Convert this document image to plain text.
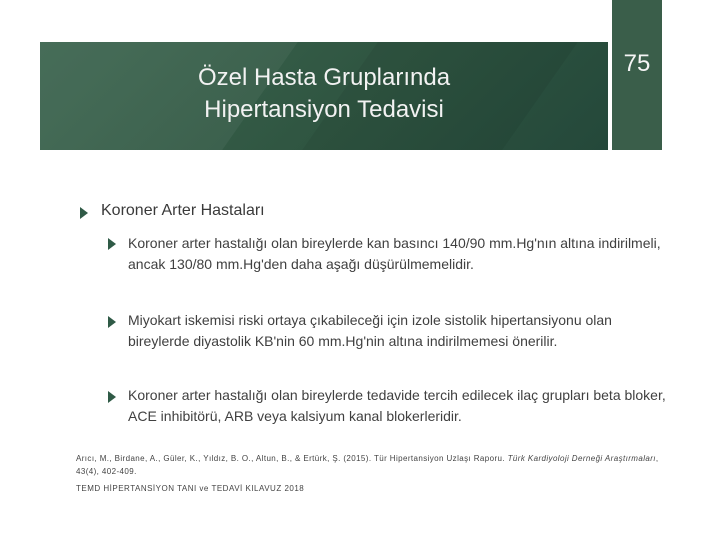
Özel Hasta Gruplarında
Hipertansiyon Tedavisi
75
Koroner Arter Hastaları
Koroner arter hastalığı olan bireylerde kan basıncı 140/90 mm.Hg'nın altına indirilmeli, ancak 130/80 mm.Hg'den daha aşağı düşürülmemelidir.
Miyokart iskemisi riski ortaya çıkabileceği için izole sistolik hipertansiyonu olan bireylerde diyastolik KB'nin 60 mm.Hg'nin altına indirilmemesi önerilir.
Koroner arter hastalığı olan bireylerde tedavide tercih edilecek ilaç grupları beta bloker, ACE inhibitörü, ARB veya kalsiyum kanal blokerleridir.
Arıcı, M., Birdane, A., Güler, K., Yıldız, B. O., Altun, B., & Ertürk, Ş. (2015). Tür Hipertansiyon Uzlaşı Raporu. Türk Kardiyoloji Derneği Araştırmaları, 43(4), 402-409.
TEMD HİPERTANSİYON TANI ve TEDAVİ KILAVUZ 2018
